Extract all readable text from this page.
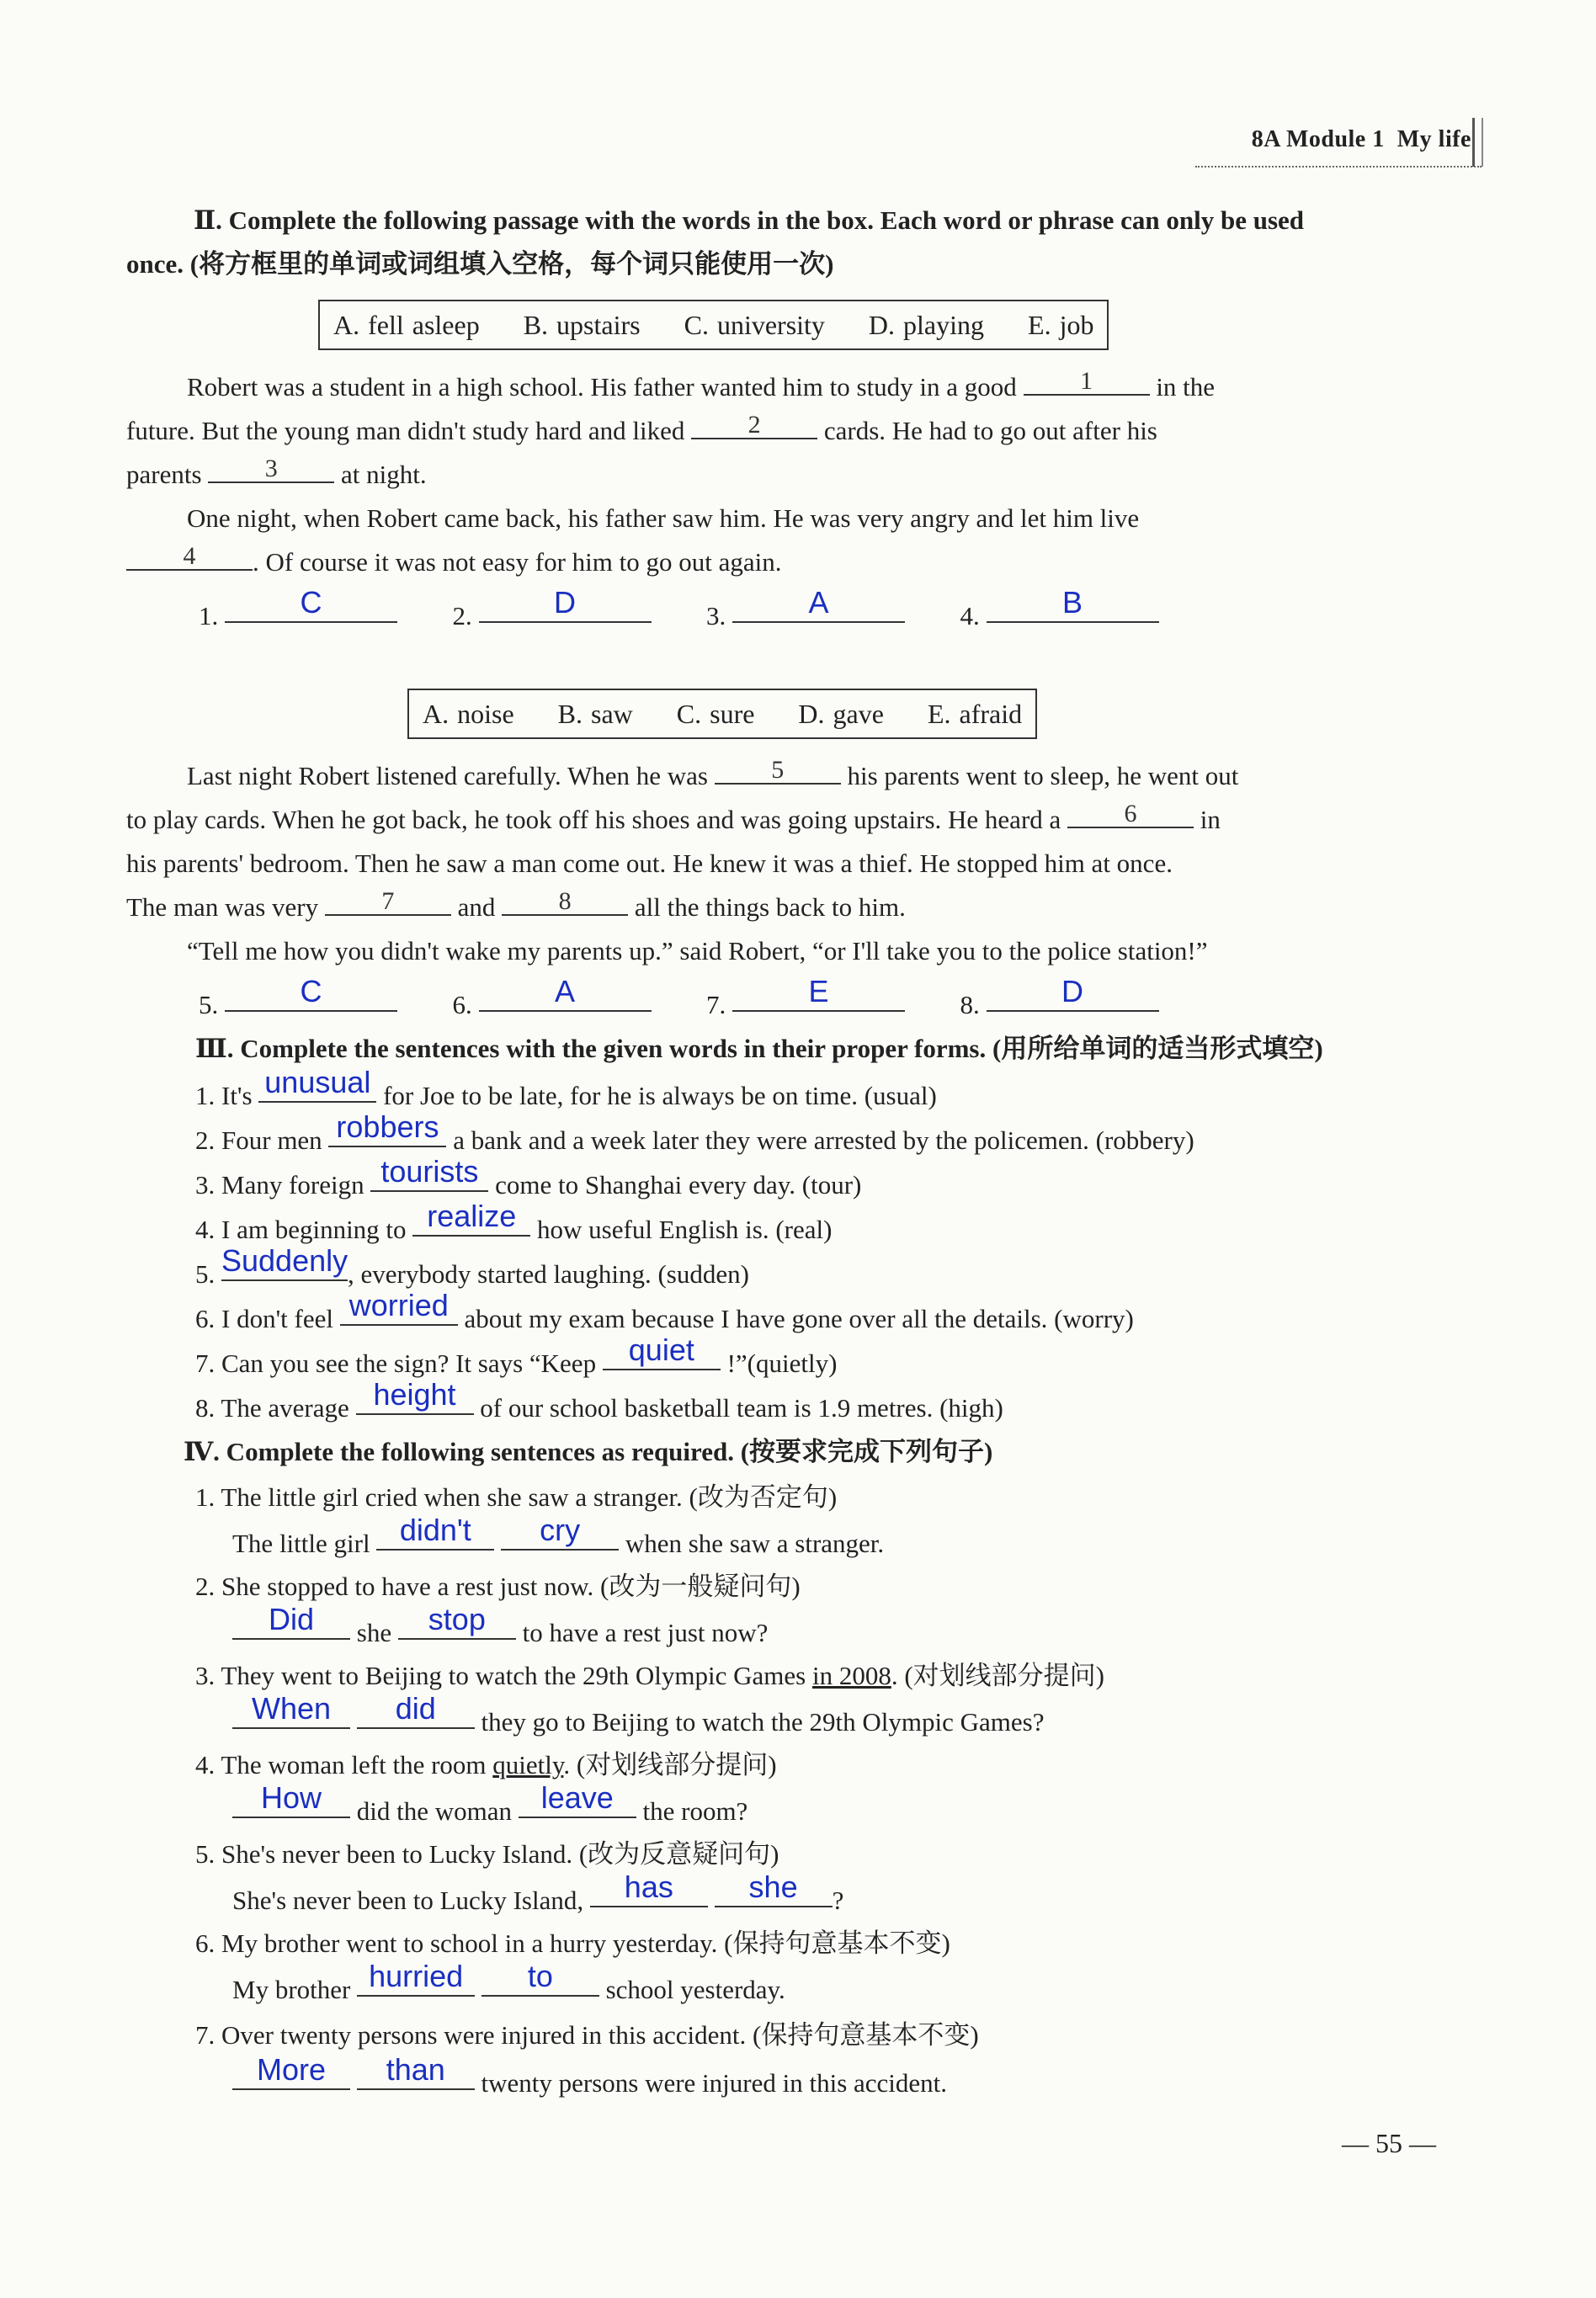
8A Module 1 My life
Ⅱ. Complete the following passage with the words in the box. Each word or phrase can only be used
once. (将方框里的单词或词组填入空格，每个词只能使用一次)
A. fell asleep B. upstairs C. university D. playing E. job
Robert was a student in a high school. His father wanted him to study in a good	1 in the
future. But the young man didn't study hard and liked	2 cards. He had to go out after his
parents	3 at night.
One night, when Robert came back, his father saw him. He was very angry and let him live
4 . Of course it was not easy for him to go out again.
1.	C	2.	D	3.	A	4.	B
A. noise B. saw C. sure D. gave E. afraid
Last night Robert listened carefully. When he was	5 his parents went to sleep, he went out
to play cards. When he got back, he took off his shoes and was going upstairs. He heard a	6 in
his parents' bedroom. Then he saw a man come out. He knew it was a thief. He stopped him at once.
The man was very	7 and	8 all the things back to him.
“Tell me how you didn't wake my parents up.” said Robert, “or I'll take you to the police station!”
5.	C	6.	A	7.	E	8.	D
Ⅲ. Complete the sentences with the given words in their proper forms. (用所给单词的适当形式填空)
1. It's unusual for Joe to be late, for he is always be on time. (usual)
2. Four men robbers a bank and a week later they were arrested by the policemen. (robbery)
3. Many foreign tourists come to Shanghai every day. (tour)
4. I am beginning to realize how useful English is. (real)
5. Suddenly, everybody started laughing. (sudden)
6. I don't feel worried about my exam because I have gone over all the details. (worry)
7. Can you see the sign? It says “Keep quiet !”(quietly)
8. The average height of our school basketball team is 1.9 metres. (high)
Ⅳ. Complete the following sentences as required. (按要求完成下列句子)
1. The little girl cried when she saw a stranger. (改为否定句)
The little girl didn't cry when she saw a stranger.
2. She stopped to have a rest just now. (改为一般疑问句)
Did she stop to have a rest just now?
3. They went to Beijing to watch the 29th Olympic Games in 2008. (对划线部分提问)
When did they go to Beijing to watch the 29th Olympic Games?
4. The woman left the room quietly. (对划线部分提问)
How did the woman leave the room?
5. She's never been to Lucky Island. (改为反意疑问句)
She's never been to Lucky Island, has she ?
6. My brother went to school in a hurry yesterday. (保持句意基本不变)
My brother hurried to school yesterday.
7. Over twenty persons were injured in this accident. (保持句意基本不变)
More than twenty persons were injured in this accident.
— 55 —
